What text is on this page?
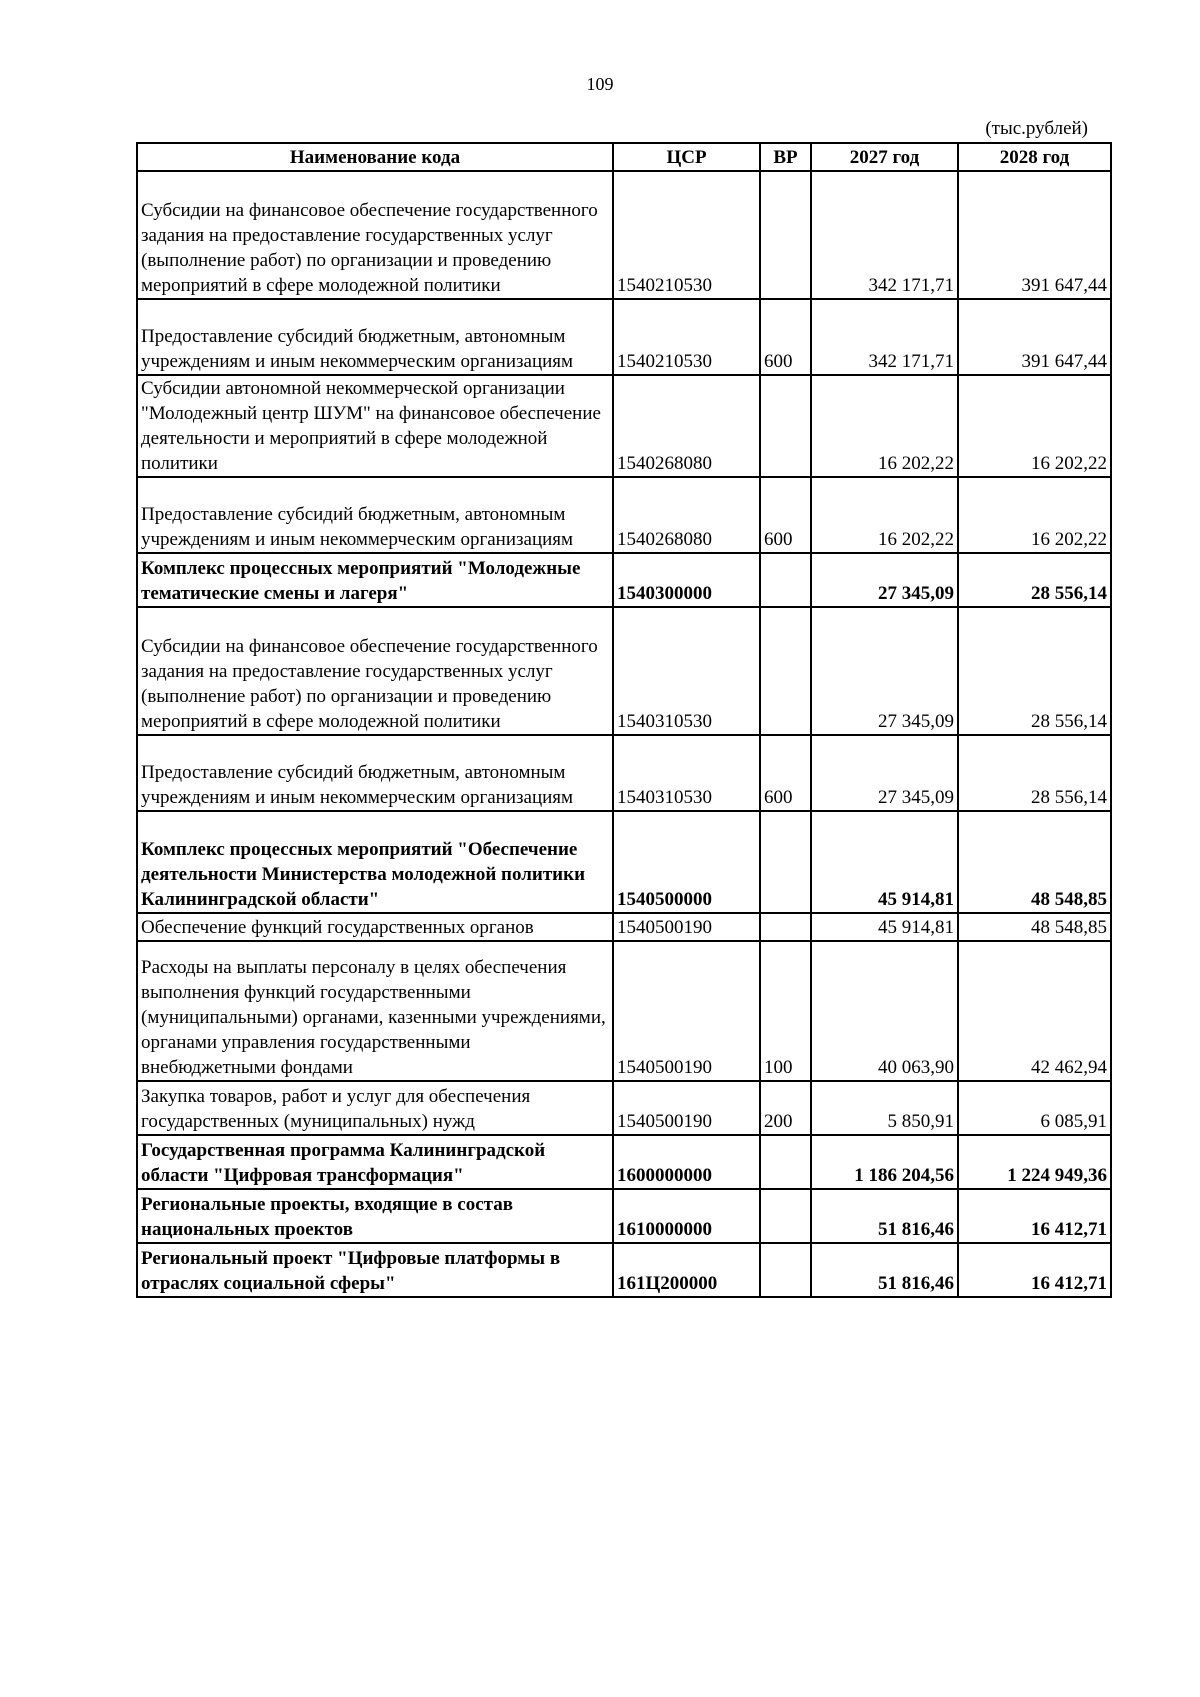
109
(тыс.рублей)
Наименование кода	ЦСР	ВР	2027 год	2028 год
Субсидии на финансовое обеспечение государственного задания на предоставление государственных услуг (выполнение работ) по организации и проведению мероприятий в сфере молодежной политики	1540210530		342 171,71	391 647,44
Предоставление субсидий бюджетным, автономным учреждениям и иным некоммерческим организациям	1540210530	600	342 171,71	391 647,44
Субсидии автономной некоммерческой организации "Молодежный центр ШУМ" на финансовое обеспечение деятельности и мероприятий в сфере молодежной политики	1540268080		16 202,22	16 202,22
Предоставление субсидий бюджетным, автономным учреждениям и иным некоммерческим организациям	1540268080	600	16 202,22	16 202,22
Комплекс процессных мероприятий "Молодежные тематические смены и лагеря"	1540300000		27 345,09	28 556,14
Субсидии на финансовое обеспечение государственного задания на предоставление государственных услуг (выполнение работ) по организации и проведению мероприятий в сфере молодежной политики	1540310530		27 345,09	28 556,14
Предоставление субсидий бюджетным, автономным учреждениям и иным некоммерческим организациям	1540310530	600	27 345,09	28 556,14
Комплекс процессных мероприятий "Обеспечение деятельности Министерства молодежной политики Калининградской области"	1540500000		45 914,81	48 548,85
Обеспечение функций государственных органов	1540500190		45 914,81	48 548,85
Расходы на выплаты персоналу в целях обеспечения выполнения функций государственными (муниципальными) органами, казенными учреждениями, органами управления государственными внебюджетными фондами	1540500190	100	40 063,90	42 462,94
Закупка товаров, работ и услуг для обеспечения государственных (муниципальных) нужд	1540500190	200	5 850,91	6 085,91
Государственная программа Калининградской области "Цифровая трансформация"	1600000000		1 186 204,56	1 224 949,36
Региональные проекты, входящие в состав национальных проектов	1610000000		51 816,46	16 412,71
Региональный проект "Цифровые платформы в отраслях социальной сферы"	161Ц200000		51 816,46	16 412,71
